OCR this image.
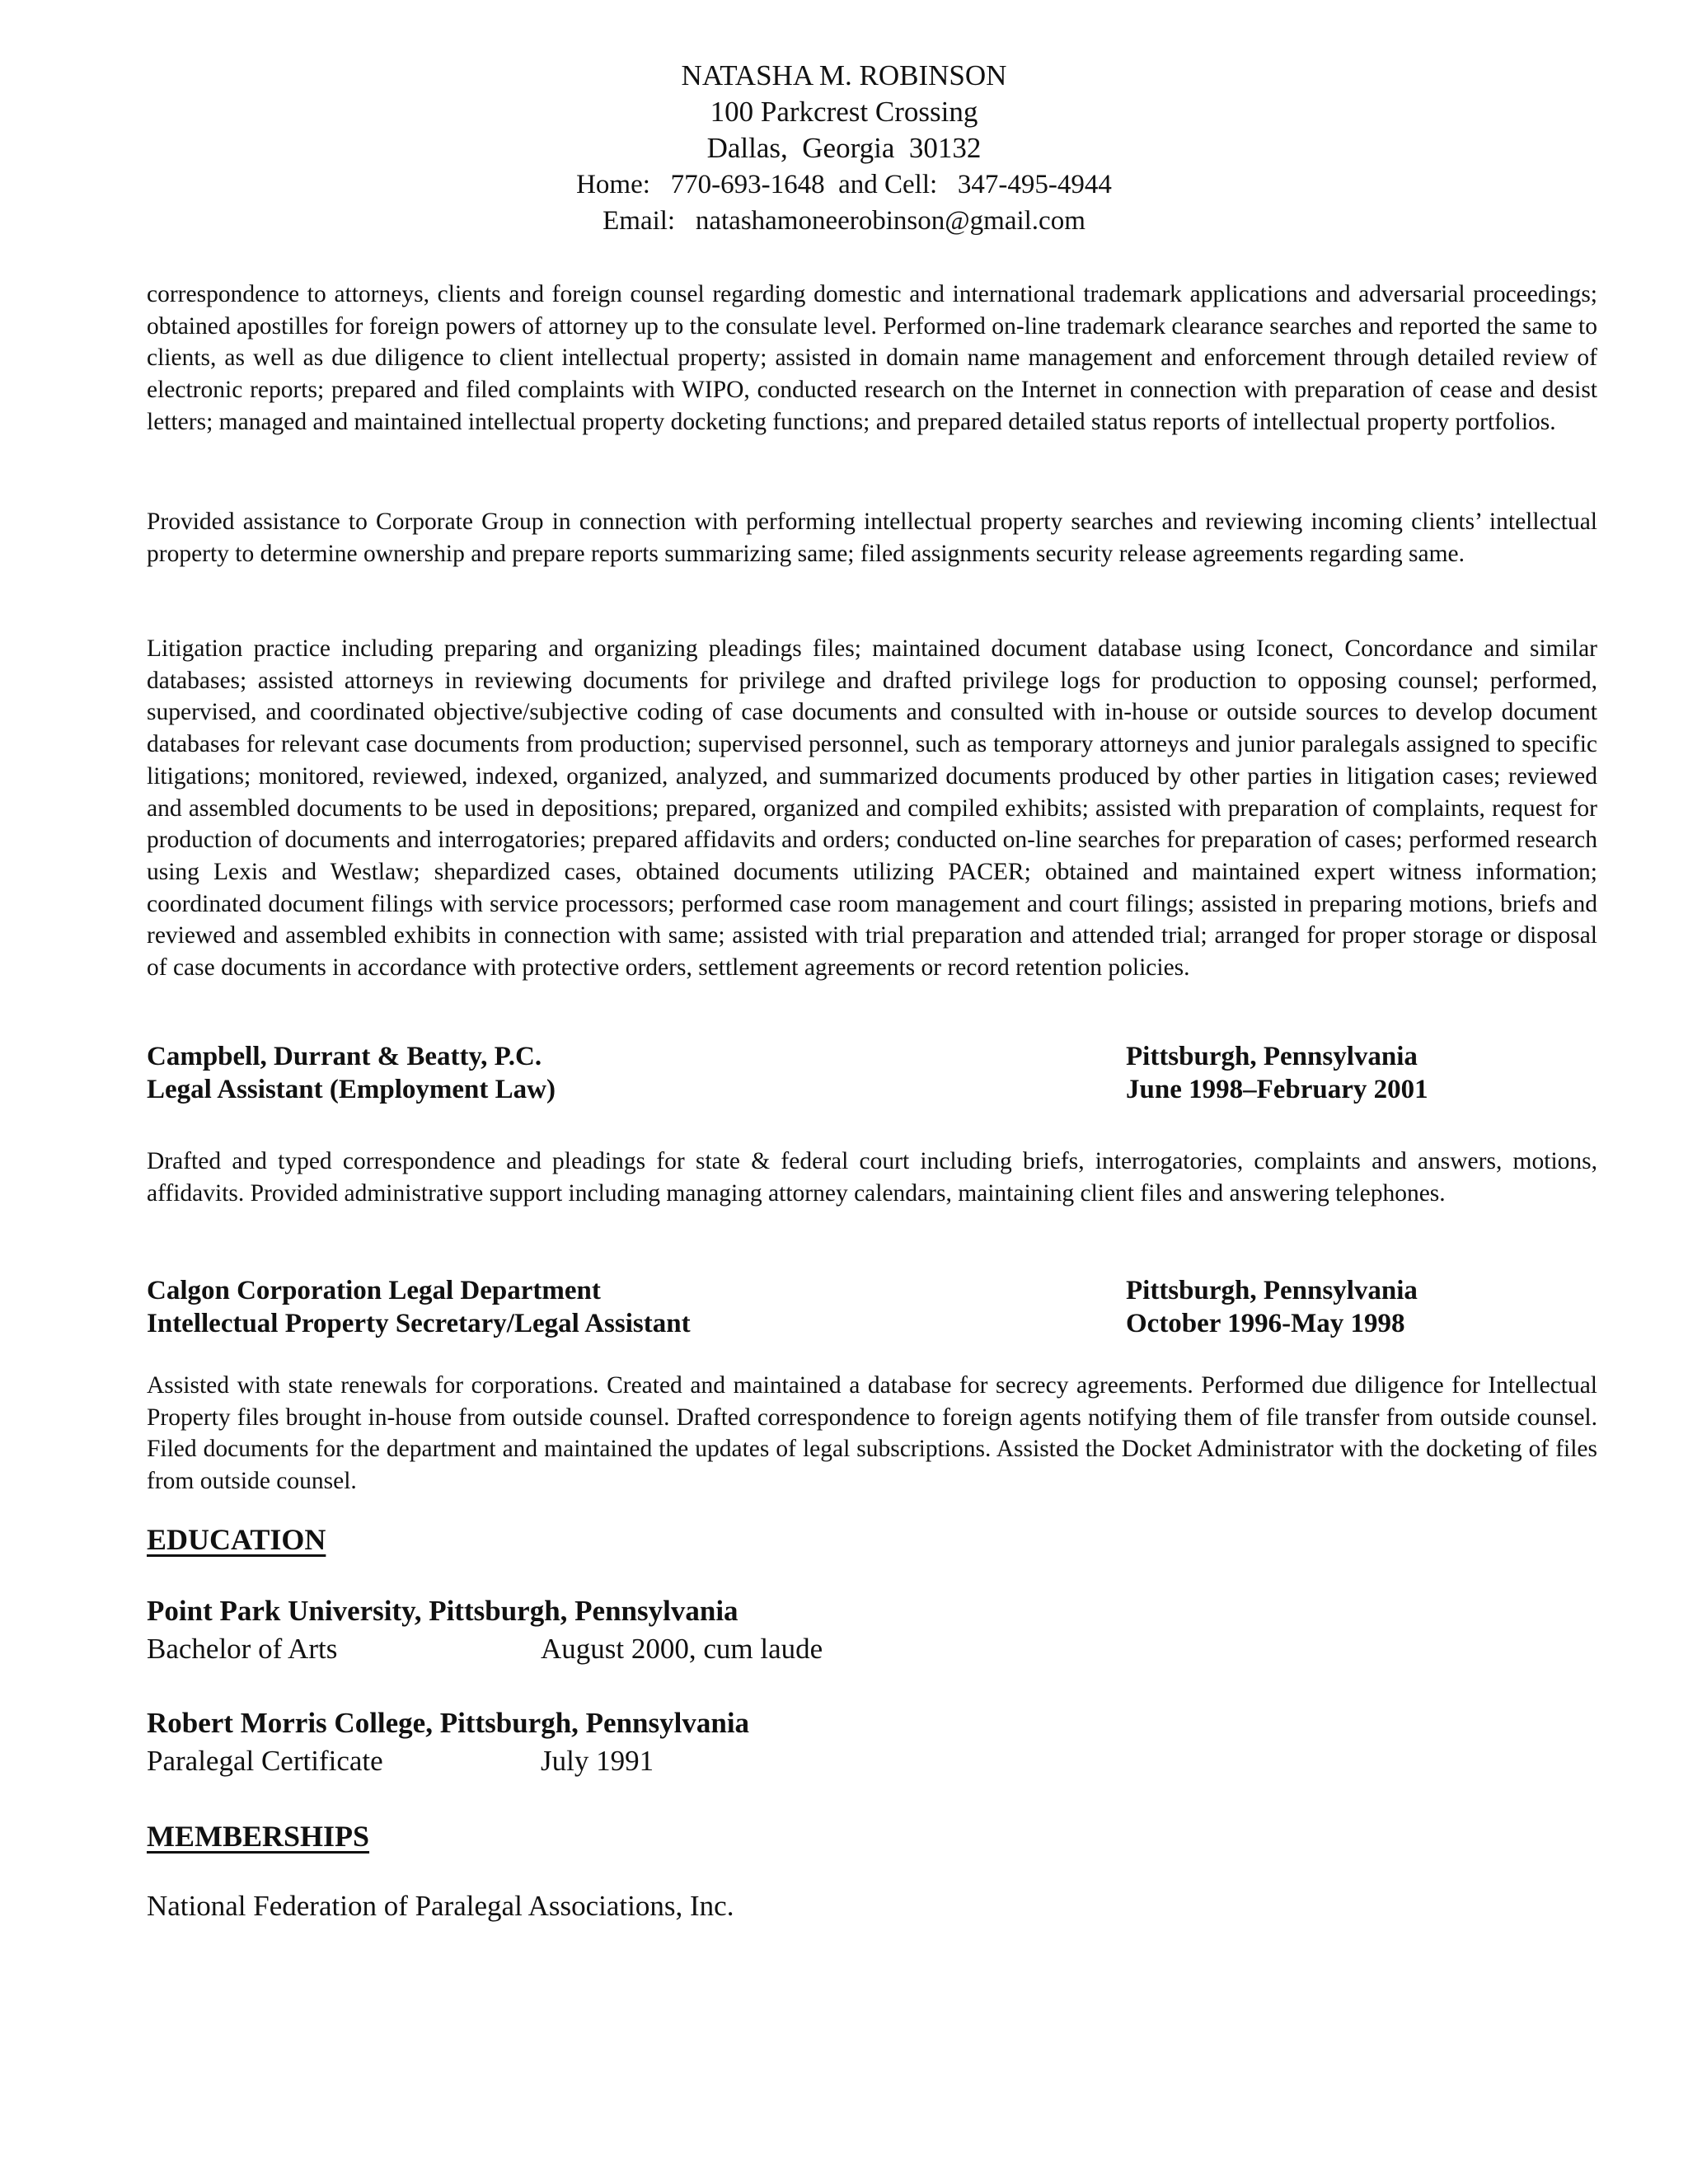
NATASHA M. ROBINSON
100 Parkcrest Crossing
Dallas,  Georgia  30132
Home:   770-693-1648  and Cell:   347-495-4944
Email:   natashamoneerobinson@gmail.com

correspondence to attorneys, clients and foreign counsel regarding domestic and international trademark applications and adversarial proceedings; obtained apostilles for foreign powers of attorney up to the consulate level. Performed on-line trademark clearance searches and reported the same to clients, as well as due diligence to client intellectual property; assisted in domain name management and enforcement through detailed review of electronic reports; prepared and filed complaints with WIPO, conducted research on the Internet in connection with preparation of cease and desist letters; managed and maintained intellectual property docketing functions; and prepared detailed status reports of intellectual property portfolios.

Provided assistance to Corporate Group in connection with performing intellectual property searches and reviewing incoming clients’ intellectual property to determine ownership and prepare reports summarizing same; filed assignments security release agreements regarding same.

Litigation practice including preparing and organizing pleadings files; maintained document database using Iconect, Concordance and similar databases; assisted attorneys in reviewing documents for privilege and drafted privilege logs for production to opposing counsel; performed, supervised, and coordinated objective/subjective coding of case documents and consulted with in-house or outside sources to develop document databases for relevant case documents from production; supervised personnel, such as temporary attorneys and junior paralegals assigned to specific litigations; monitored, reviewed, indexed, organized, analyzed, and summarized documents produced by other parties in litigation cases; reviewed and assembled documents to be used in depositions; prepared, organized and compiled exhibits; assisted with preparation of complaints, request for production of documents and interrogatories; prepared affidavits and orders; conducted on-line searches for preparation of cases; performed research using Lexis and Westlaw; shepardized cases, obtained documents utilizing PACER; obtained and maintained expert witness information; coordinated document filings with service processors; performed case room management and court filings; assisted in preparing motions, briefs and reviewed and assembled exhibits in connection with same; assisted with trial preparation and attended trial; arranged for proper storage or disposal of case documents in accordance with protective orders, settlement agreements or record retention policies.

Campbell, Durrant & Beatty, P.C.	Pittsburgh, Pennsylvania
Legal Assistant (Employment Law)	June 1998–February 2001

Drafted and typed correspondence and pleadings for state & federal court including briefs, interrogatories, complaints and answers, motions, affidavits. Provided administrative support including managing attorney calendars, maintaining client files and answering telephones.

Calgon Corporation Legal Department	Pittsburgh, Pennsylvania
Intellectual Property Secretary/Legal Assistant	October 1996-May 1998

Assisted with state renewals for corporations. Created and maintained a database for secrecy agreements. Performed due diligence for Intellectual Property files brought in-house from outside counsel. Drafted correspondence to foreign agents notifying them of file transfer from outside counsel. Filed documents for the department and maintained the updates of legal subscriptions. Assisted the Docket Administrator with the docketing of files from outside counsel.

EDUCATION
Point Park University, Pittsburgh, Pennsylvania
Bachelor of Arts	August 2000, cum laude
Robert Morris College, Pittsburgh, Pennsylvania
Paralegal Certificate	July 1991
MEMBERSHIPS
National Federation of Paralegal Associations, Inc.
